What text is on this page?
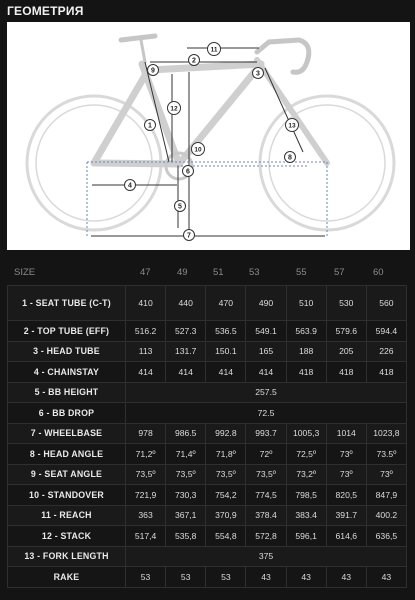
ГЕОМЕТРИЯ
1
2
3
4
5
6
7
8
9
10
11
12
13
SIZE	47	49	51	53	55	57	60
1 - SEAT TUBE (C-T)	410	440	470	490	510	530	560
2 - TOP TUBE (EFF)	516.2	527.3	536.5	549.1	563.9	579.6	594.4
3 - HEAD TUBE	113	131.7	150.1	165	188	205	226
4 - CHAINSTAY	414	414	414	414	418	418	418
5 - BB HEIGHT	257.5						
6 - BB DROP	72.5						
7 - WHEELBASE	978	986.5	992.8	993.7	1005,3	1014	1023,8
8 - HEAD ANGLE	71,2º	71,4º	71,8º	72º	72,5º	73º	73.5º
9 - SEAT ANGLE	73,5º	73,5º	73,5º	73,5º	73,2º	73º	73º
10 - STANDOVER	721,9	730,3	754,2	774,5	798,5	820,5	847,9
11 - REACH	363	367,1	370,9	378.4	383.4	391.7	400.2
12 - STACK	517,4	535,8	554,8	572,8	596,1	614,6	636,5
13 - FORK LENGTH	375						
RAKE	53	53	53	43	43	43	43
